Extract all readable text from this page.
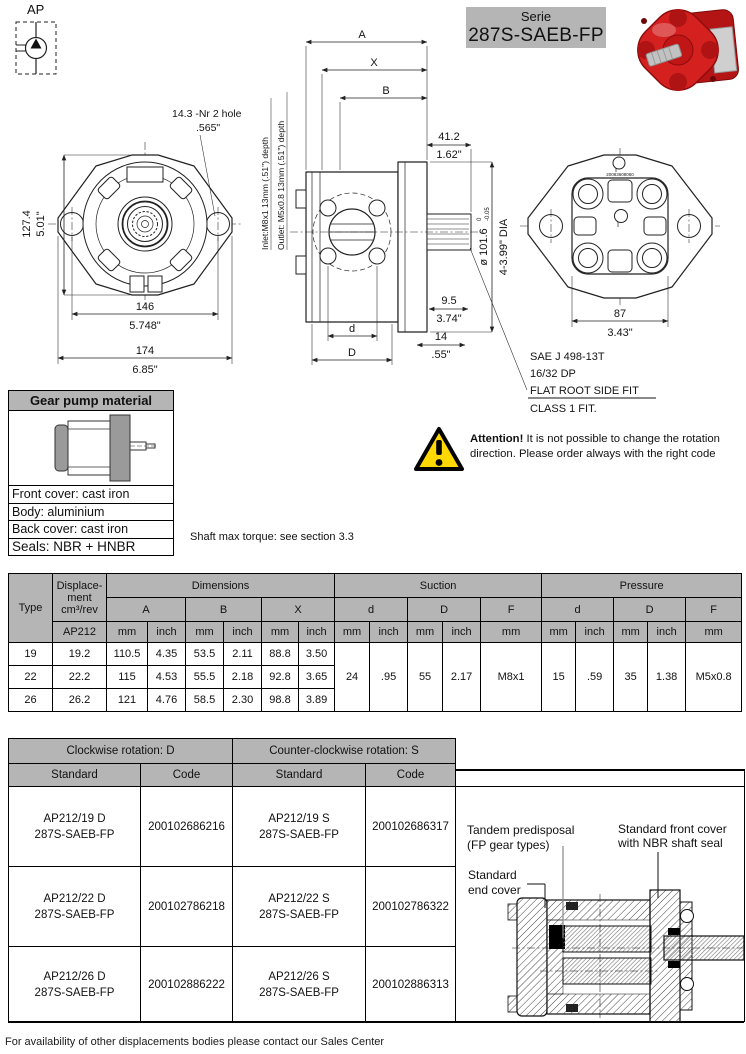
127.4 5.01"
146
5.748"
174
6.85"
14.3 -Nr 2 hole
.565"
Inlet:M8x1 13mm (.51") depth Outlet: M5x0.8 13mm (.51") depth
A
X
B
41.2
1.62"
ø 101.6
0 -0.05
4-3.99" DIA
9.5
3.74"
14
.55"
d
D
20083608060
87
3.43"
SAE J 498-13T
16/32 DP
FLAT ROOT SIDE FIT
CLASS 1 FIT.
AP	Serie
287S-SAEB-FP
Gear pump material
Front cover: cast iron
Body: aluminium
Back cover: cast iron
Seals: NBR + HNBR
Shaft max torque: see section 3.3
Attention! It is not possible to change the rotation
direction. Please order always with the right code
Type	Displace-
ment
cm³/rev	Dimensions						Suction					Pressure				
		A		B		X		d		D		F	d		D		F
	AP212	mm	inch	mm	inch	mm	inch	mm	inch	mm	inch	mm	mm	inch	mm	inch	mm
19	19.2	110.5	4.35	53.5	2.11	88.8	3.50	24	.95	55	2.17	M8x1	15	.59	35	1.38	M5x0.8
22	22.2	115	4.53	55.5	2.18	92.8	3.65										
26	26.2	121	4.76	58.5	2.30	98.8	3.89										
Clockwise rotation: D		Counter-clockwise rotation: S	
Standard	Code	Standard	Code

AP212/19 D
287S-SAEB-FP
	200102686216	
AP212/19 S
287S-SAEB-FP
	200102686317

AP212/22 D
287S-SAEB-FP
	200102786218	
AP212/22 S
287S-SAEB-FP
	200102786322

AP212/26 D
287S-SAEB-FP
	200102886222	
AP212/26 S
287S-SAEB-FP
	200102886313
Tandem predisposal
(FP gear types)
Standard front cover
with NBR shaft seal
Standard
end cover
For availability of other displacements bodies please contact our Sales Center
